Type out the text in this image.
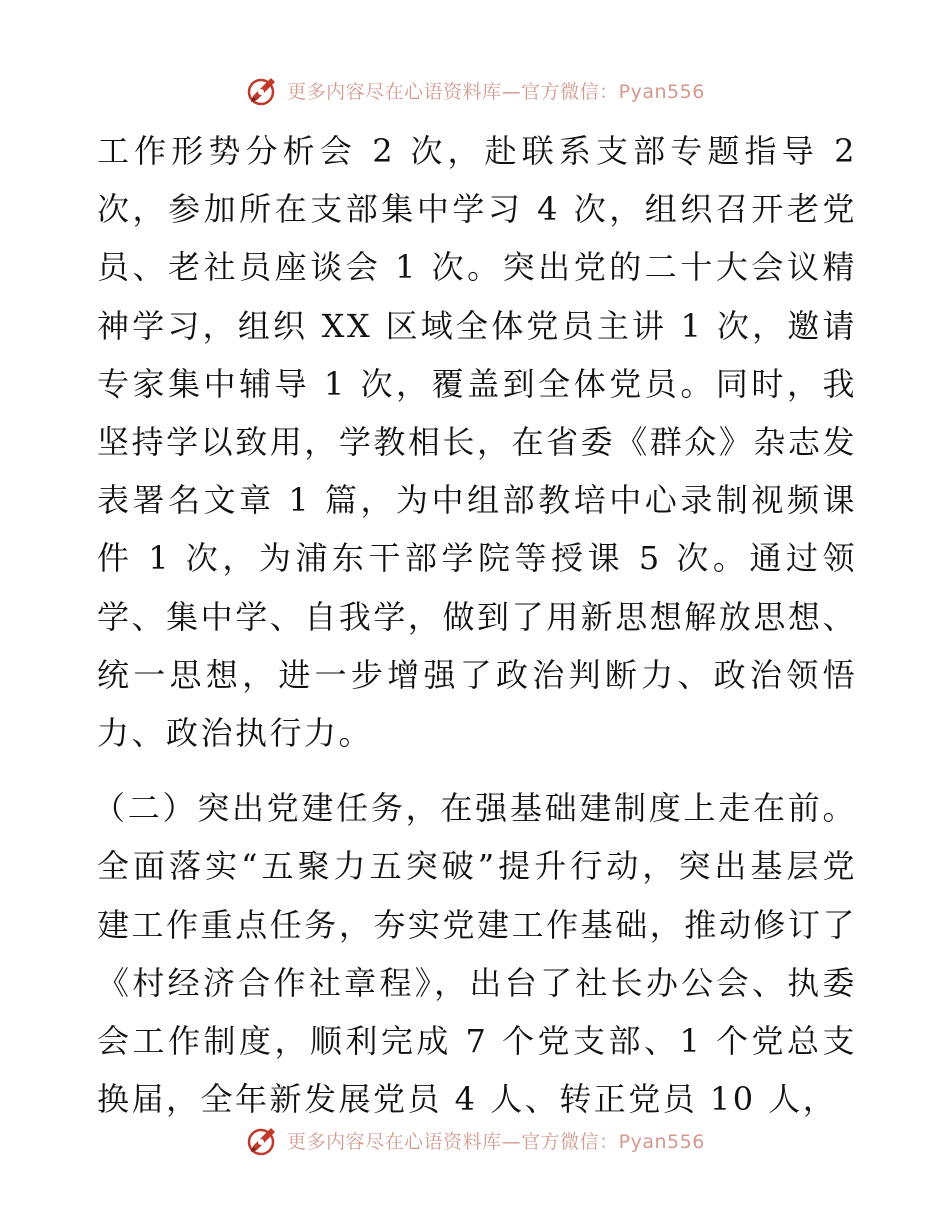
更多内容尽在心语资料库—官方微信：Pyan556

工作形势分析会 2 次，赴联系支部专题指导 2 次，参加所在支部集中学习 4 次，组织召开老党员、老社员座谈会 1 次。突出党的二十大会议精神学习，组织 XX 区域全体党员主讲 1 次，邀请专家集中辅导 1 次，覆盖到全体党员。同时，我坚持学以致用，学教相长，在省委《群众》杂志发表署名文章 1 篇，为中组部教培中心录制视频课件 1 次，为浦东干部学院等授课 5 次。通过领学、集中学、自我学，做到了用新思想解放思想、统一思想，进一步增强了政治判断力、政治领悟力、政治执行力。

（二）突出党建任务，在强基础建制度上走在前。全面落实“五聚力五突破”提升行动，突出基层党建工作重点任务，夯实党建工作基础，推动修订了《村经济合作社章程》，出台了社长办公会、执委会工作制度，顺利完成 7 个党支部、1 个党总支换届，全年新发展党员 4 人、转正党员 10 人，

更多内容尽在心语资料库—官方微信：Pyan556
